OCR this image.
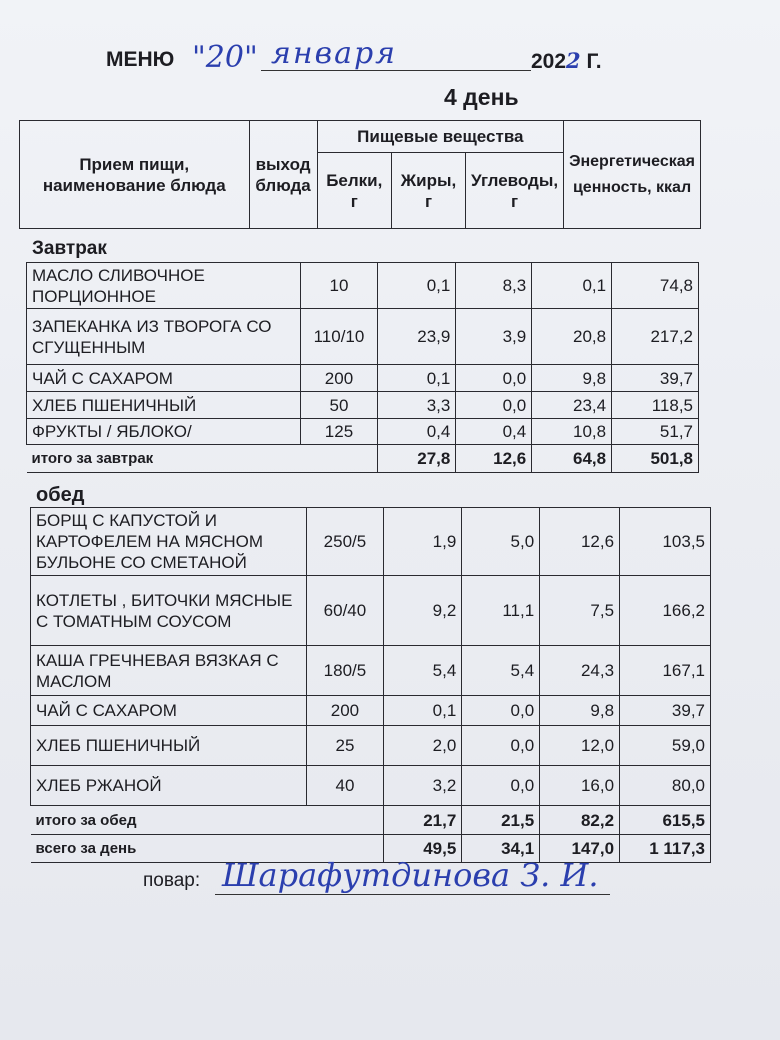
МЕНЮ "20" января	2022 Г.
4 день
Прием пищи, наименование блюда	выход блюда	Пищевые вещества			Энергетическая ценность, ккал
		Белки, г	Жиры, г	Углеводы, г	
Завтрак
МАСЛО СЛИВОЧНОЕ ПОРЦИОННОЕ	10	0,1	8,3	0,1	74,8
ЗАПЕКАНКА ИЗ ТВОРОГА СО СГУЩЕННЫМ	110/10	23,9	3,9	20,8	217,2
ЧАЙ С САХАРОМ	200	0,1	0,0	9,8	39,7
ХЛЕБ ПШЕНИЧНЫЙ	50	3,3	0,0	23,4	118,5
ФРУКТЫ / ЯБЛОКО/	125	0,4	0,4	10,8	51,7
итого за завтрак		27,8	12,6	64,8	501,8
обед
БОРЩ С КАПУСТОЙ И КАРТОФЕЛЕМ НА МЯСНОМ БУЛЬОНЕ СО СМЕТАНОЙ	250/5	1,9	5,0	12,6	103,5
КОТЛЕТЫ , БИТОЧКИ МЯСНЫЕ С ТОМАТНЫМ СОУСОМ	60/40	9,2	11,1	7,5	166,2
КАША ГРЕЧНЕВАЯ ВЯЗКАЯ С МАСЛОМ	180/5	5,4	5,4	24,3	167,1
ЧАЙ С САХАРОМ	200	0,1	0,0	9,8	39,7
ХЛЕБ ПШЕНИЧНЫЙ	25	2,0	0,0	12,0	59,0
ХЛЕБ РЖАНОЙ	40	3,2	0,0	16,0	80,0
итого за обед		21,7	21,5	82,2	615,5
всего за день		49,5	34,1	147,0	1 117,3
повар: Шарафутдинова З. И.
